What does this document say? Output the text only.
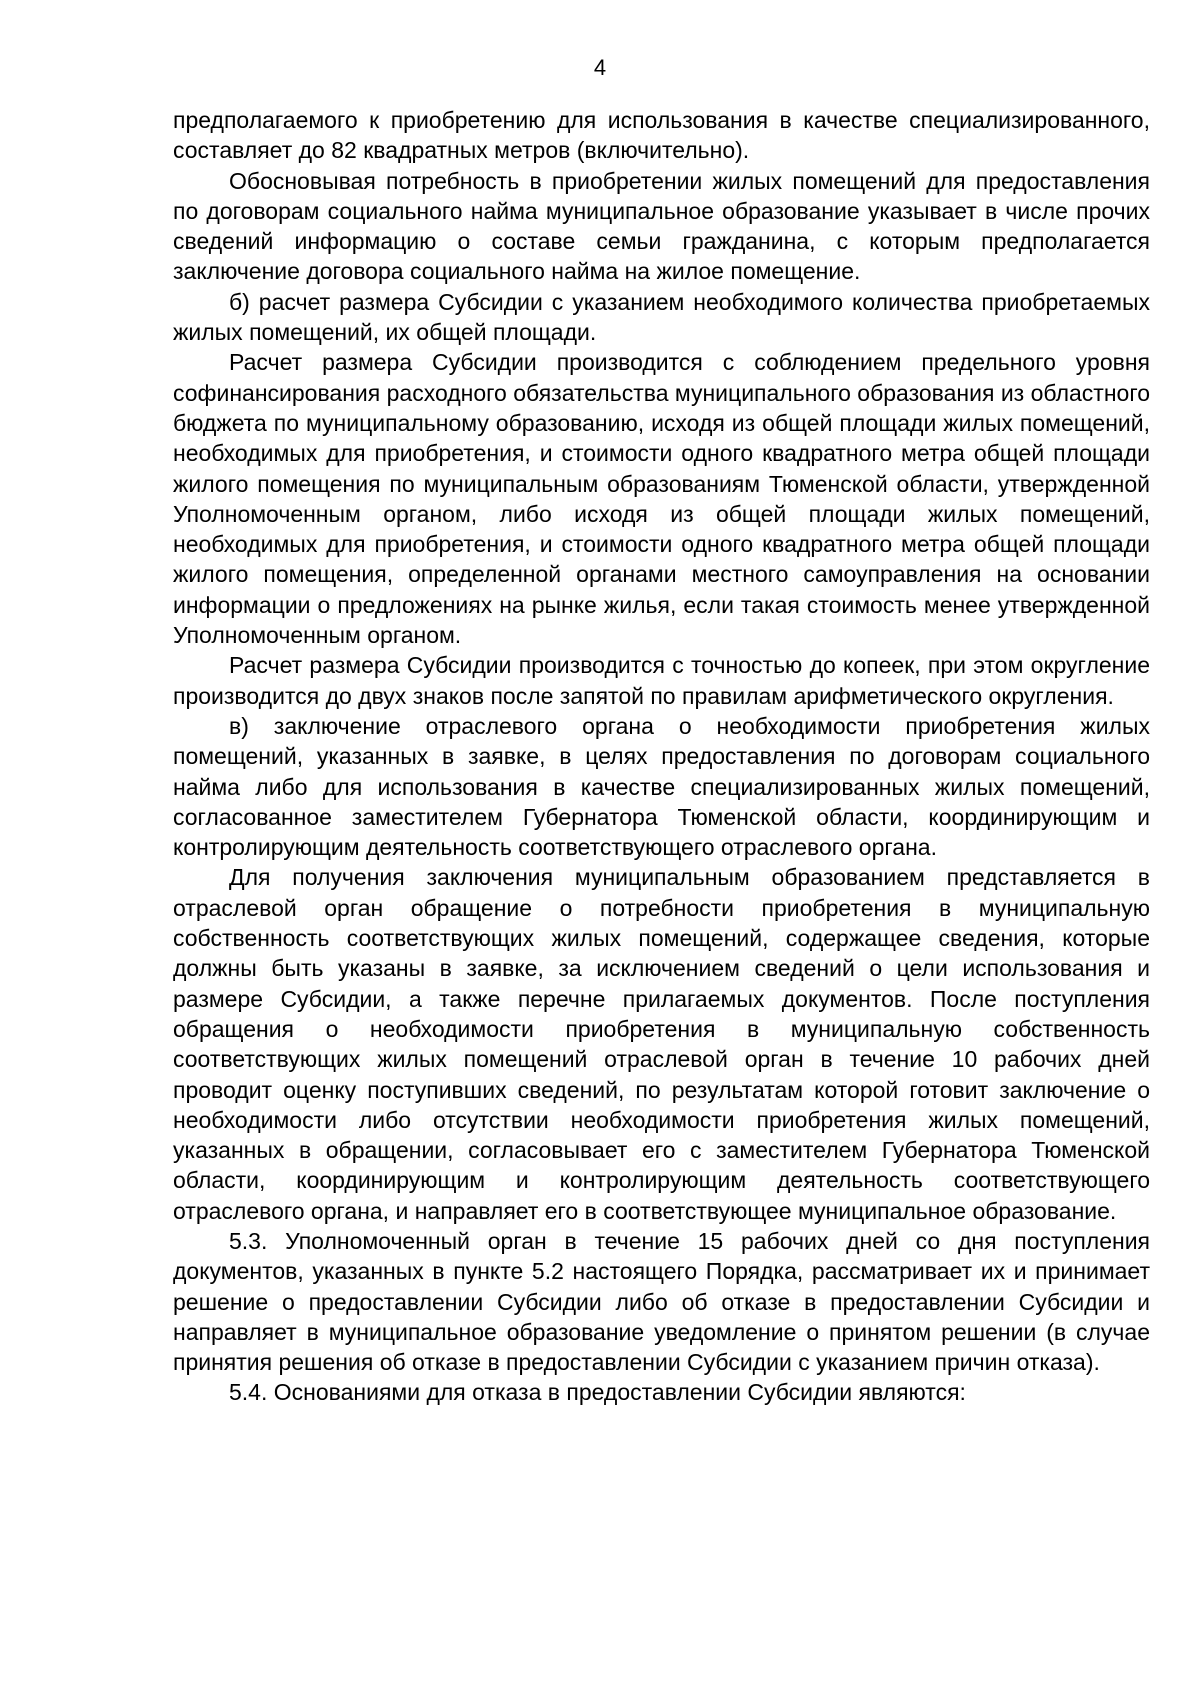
4

предполагаемого к приобретению для использования в качестве специализированного, составляет до 82 квадратных метров (включительно).

Обосновывая потребность в приобретении жилых помещений для предоставления по договорам социального найма муниципальное образование указывает в числе прочих сведений информацию о составе семьи гражданина, с которым предполагается заключение договора социального найма на жилое помещение.

б) расчет размера Субсидии с указанием необходимого количества приобретаемых жилых помещений, их общей площади.

Расчет размера Субсидии производится с соблюдением предельного уровня софинансирования расходного обязательства муниципального образования из областного бюджета по муниципальному образованию, исходя из общей площади жилых помещений, необходимых для приобретения, и стоимости одного квадратного метра общей площади жилого помещения по муниципальным образованиям Тюменской области, утвержденной Уполномоченным органом, либо исходя из общей площади жилых помещений, необходимых для приобретения, и стоимости одного квадратного метра общей площади жилого помещения, определенной органами местного самоуправления на основании информации о предложениях на рынке жилья, если такая стоимость менее утвержденной Уполномоченным органом.

Расчет размера Субсидии производится с точностью до копеек, при этом округление производится до двух знаков после запятой по правилам арифметического округления.

в) заключение отраслевого органа о необходимости приобретения жилых помещений, указанных в заявке, в целях предоставления по договорам социального найма либо для использования в качестве специализированных жилых помещений, согласованное заместителем Губернатора Тюменской области, координирующим и контролирующим деятельность соответствующего отраслевого органа.

Для получения заключения муниципальным образованием представляется в отраслевой орган обращение о потребности приобретения в муниципальную собственность соответствующих жилых помещений, содержащее сведения, которые должны быть указаны в заявке, за исключением сведений о цели использования и размере Субсидии, а также перечне прилагаемых документов. После поступления обращения о необходимости приобретения в муниципальную собственность соответствующих жилых помещений отраслевой орган в течение 10 рабочих дней проводит оценку поступивших сведений, по результатам которой готовит заключение о необходимости либо отсутствии необходимости приобретения жилых помещений, указанных в обращении, согласовывает его с заместителем Губернатора Тюменской области, координирующим и контролирующим деятельность соответствующего отраслевого органа, и направляет его в соответствующее муниципальное образование.

5.3. Уполномоченный орган в течение 15 рабочих дней со дня поступления документов, указанных в пункте 5.2 настоящего Порядка, рассматривает их и принимает решение о предоставлении Субсидии либо об отказе в предоставлении Субсидии и направляет в муниципальное образование уведомление о принятом решении (в случае принятия решения об отказе в предоставлении Субсидии с указанием причин отказа).

5.4. Основаниями для отказа в предоставлении Субсидии являются:
